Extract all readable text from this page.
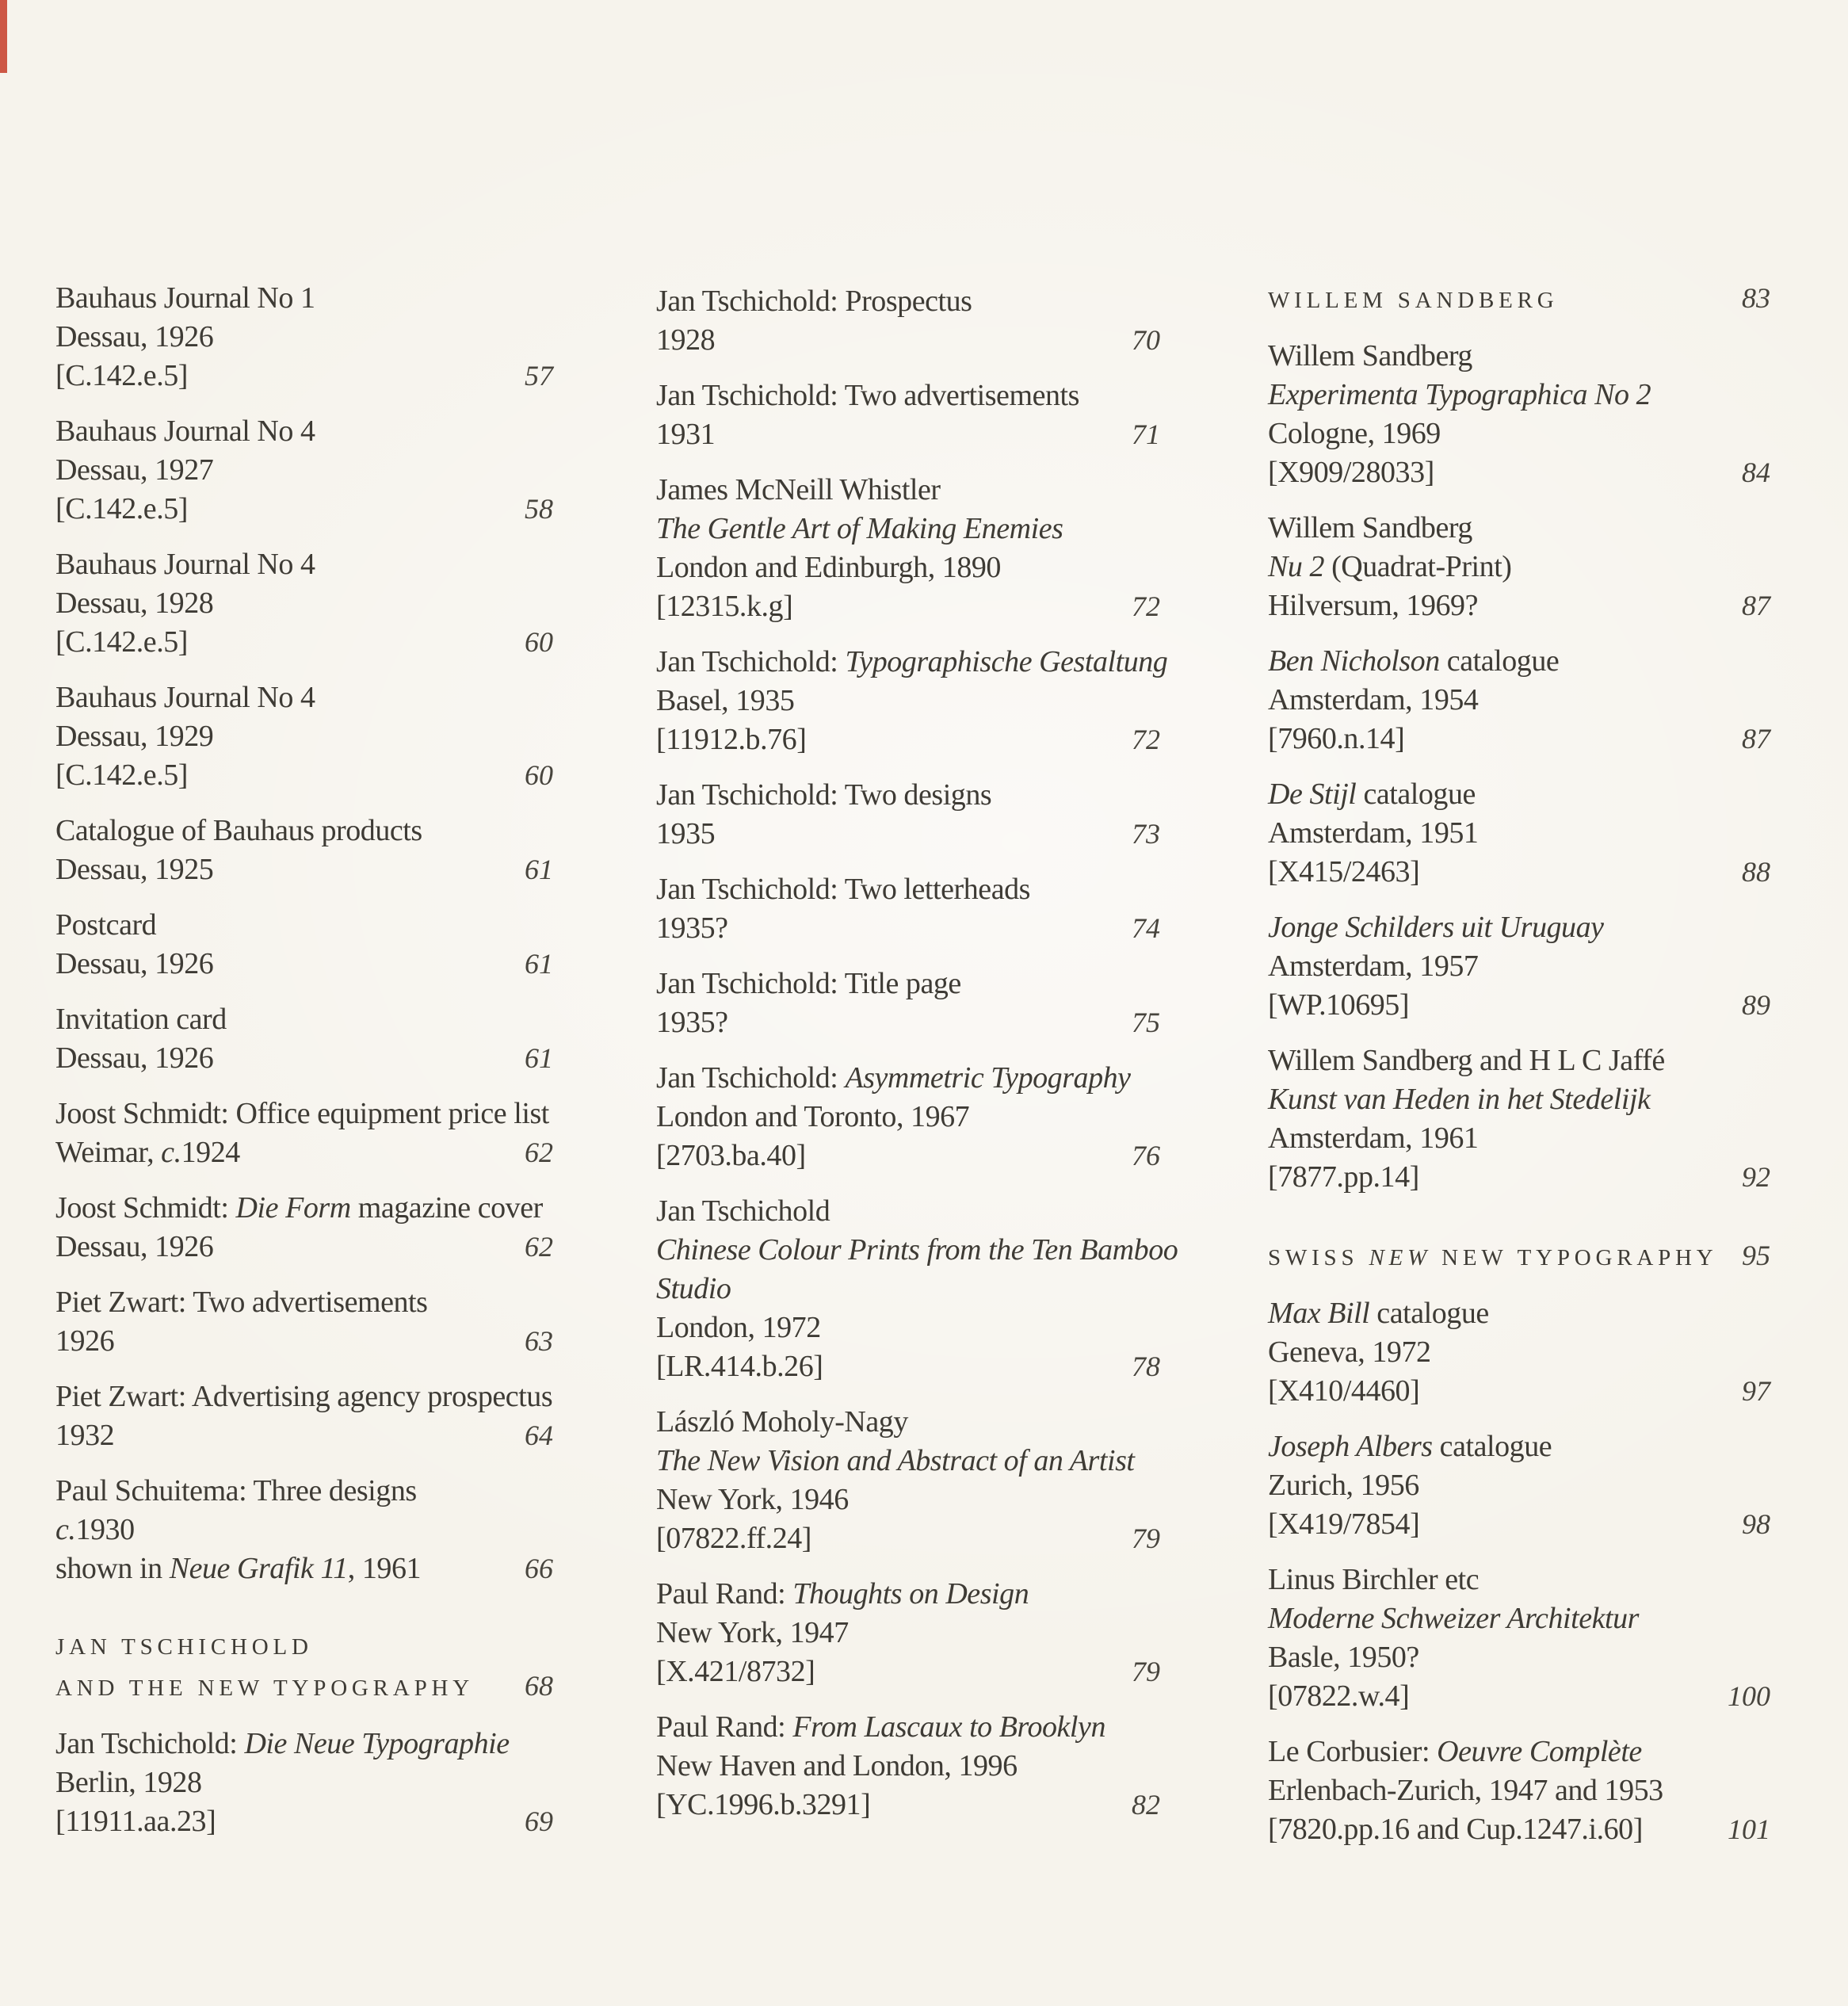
Bauhaus Journal No 1
Dessau, 1926
[C.142.e.5]	57
Bauhaus Journal No 4
Dessau, 1927
[C.142.e.5]	58
Bauhaus Journal No 4
Dessau, 1928
[C.142.e.5]	60
Bauhaus Journal No 4
Dessau, 1929
[C.142.e.5]	60
Catalogue of Bauhaus products
Dessau, 1925	61
Postcard
Dessau, 1926	61
Invitation card
Dessau, 1926	61
Joost Schmidt: Office equipment price list
Weimar, c.1924	62
Joost Schmidt: Die Form magazine cover
Dessau, 1926	62
Piet Zwart: Two advertisements
1926	63
Piet Zwart: Advertising agency prospectus
1932	64
Paul Schuitema: Three designs
c.1930
shown in Neue Grafik 11, 1961	66
JAN TSCHICHOLD
AND THE NEW TYPOGRAPHY 68
Jan Tschichold: Die Neue Typographie
Berlin, 1928
[11911.aa.23]	69
Jan Tschichold: Prospectus
1928	70
Jan Tschichold: Two advertisements
1931	71
James McNeill Whistler
The Gentle Art of Making Enemies
London and Edinburgh, 1890
[12315.k.g]	72
Jan Tschichold: Typographische Gestaltung
Basel, 1935
[11912.b.76]	72
Jan Tschichold: Two designs
1935	73
Jan Tschichold: Two letterheads
1935?	74
Jan Tschichold: Title page
1935?	75
Jan Tschichold: Asymmetric Typography
London and Toronto, 1967
[2703.ba.40]	76
Jan Tschichold
Chinese Colour Prints from the Ten Bamboo
Studio
London, 1972
[LR.414.b.26]	78
László Moholy-Nagy
The New Vision and Abstract of an Artist
New York, 1946
[07822.ff.24]	79
Paul Rand: Thoughts on Design
New York, 1947
[X.421/8732]	79
Paul Rand: From Lascaux to Brooklyn
New Haven and London, 1996
[YC.1996.b.3291]	82
WILLEM SANDBERG	83
Willem Sandberg
Experimenta Typographica No 2
Cologne, 1969
[X909/28033]	84
Willem Sandberg
Nu 2 (Quadrat-Print)
Hilversum, 1969?	87
Ben Nicholson catalogue
Amsterdam, 1954
[7960.n.14]	87
De Stijl catalogue
Amsterdam, 1951
[X415/2463]	88
Jonge Schilders uit Uruguay
Amsterdam, 1957
[WP.10695]	89
Willem Sandberg and H L C Jaffé
Kunst van Heden in het Stedelijk
Amsterdam, 1961
[7877.pp.14]	92
SWISS NEW NEW TYPOGRAPHY 95
Max Bill catalogue
Geneva, 1972
[X410/4460]	97
Joseph Albers catalogue
Zurich, 1956
[X419/7854]	98
Linus Birchler etc
Moderne Schweizer Architektur
Basle, 1950?
[07822.w.4]	100
Le Corbusier: Oeuvre Complète
Erlenbach-Zurich, 1947 and 1953
[7820.pp.16 and Cup.1247.i.60]	101
